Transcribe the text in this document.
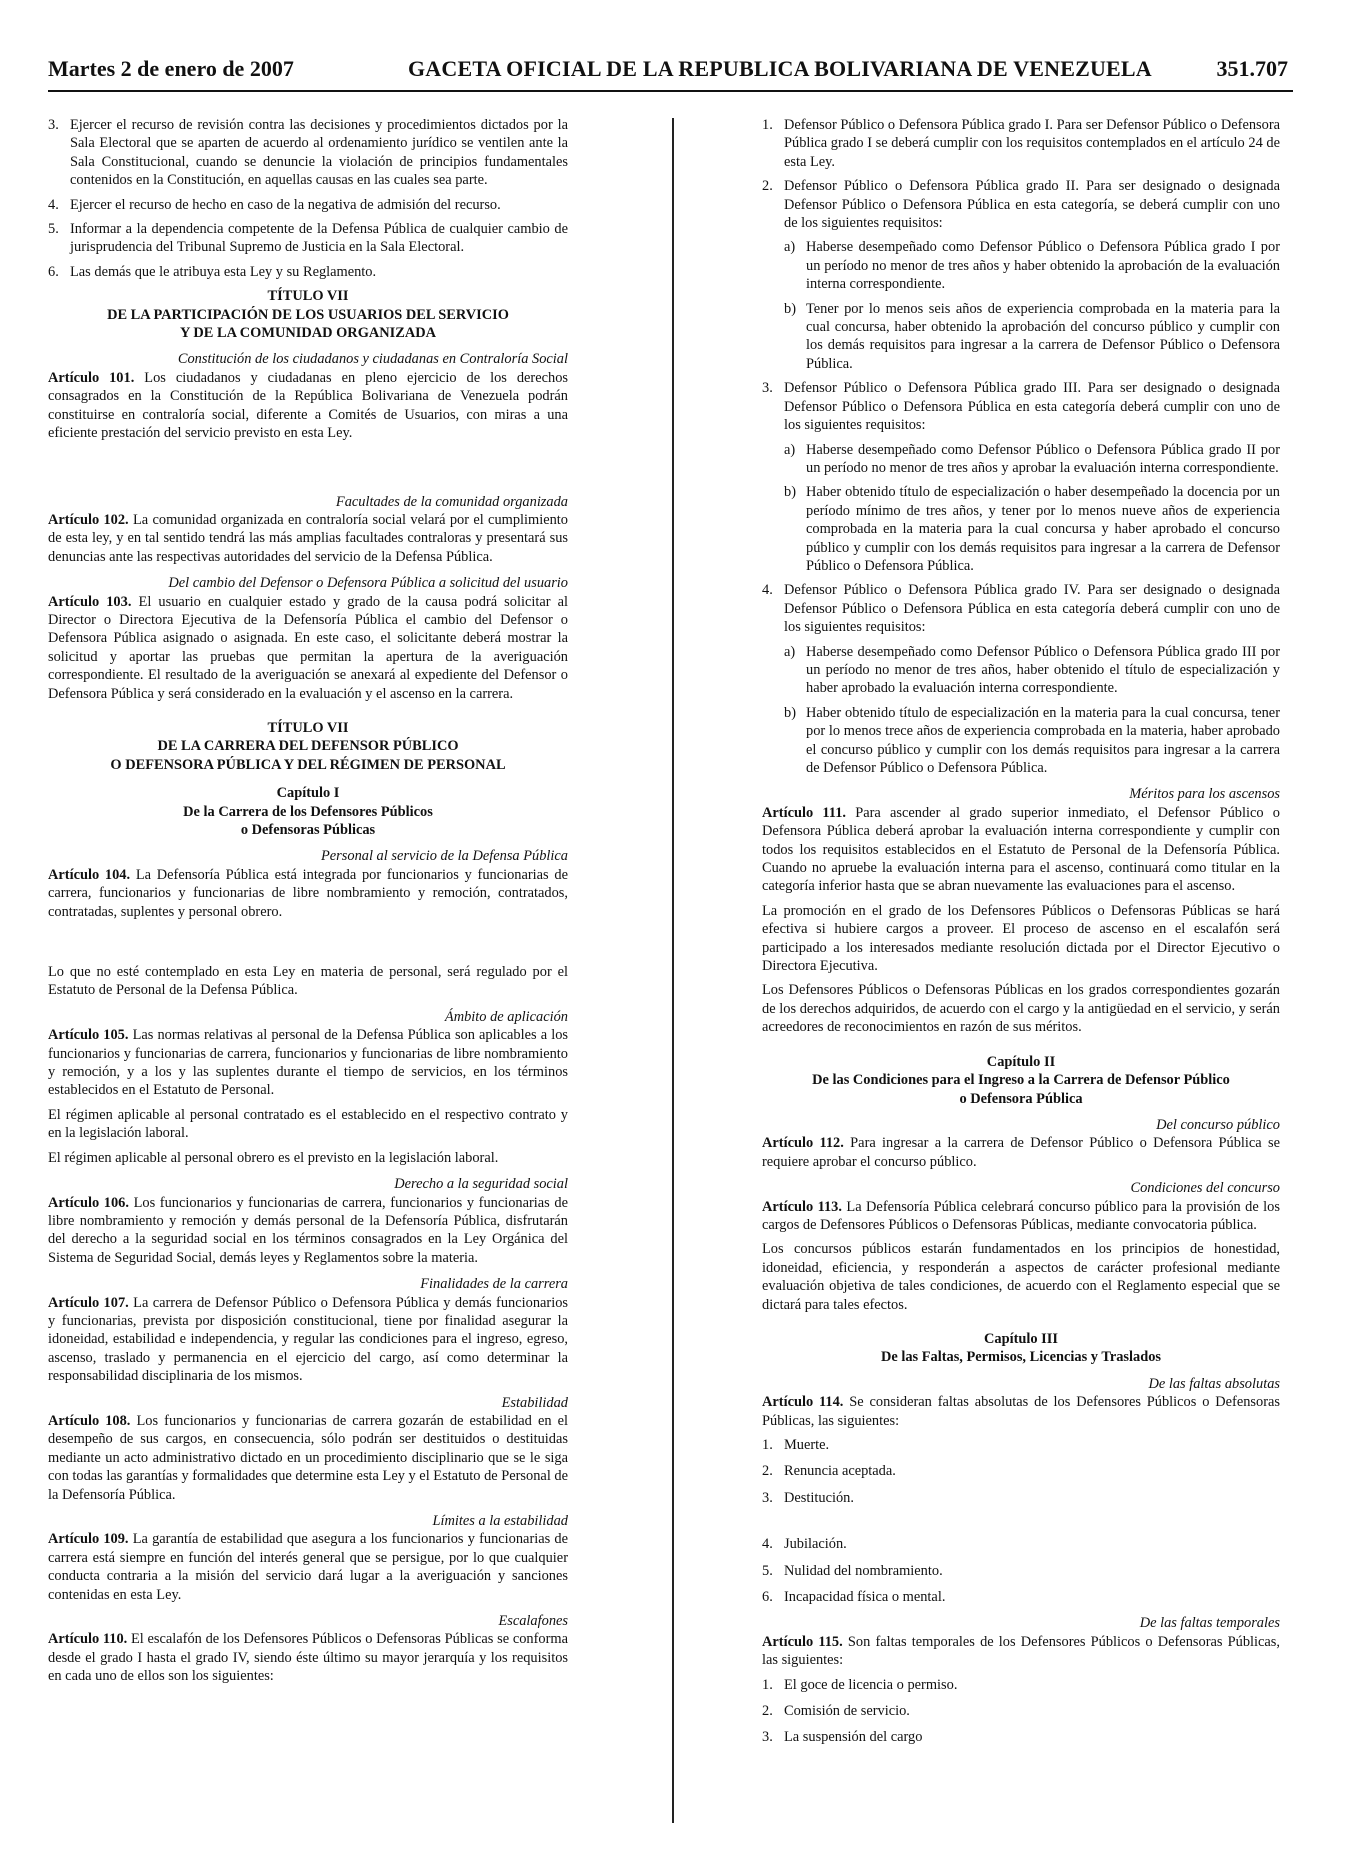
Martes 2 de enero de 2007	GACETA OFICIAL DE LA REPUBLICA BOLIVARIANA DE VENEZUELA	351.707
3. Ejercer el recurso de revisión contra las decisiones y procedimientos dictados por la Sala Electoral que se aparten de acuerdo al ordenamiento jurídico se ventilen ante la Sala Constitucional, cuando se denuncie la violación de principios fundamentales contenidos en la Constitución, en aquellas causas en las cuales sea parte.
4. Ejercer el recurso de hecho en caso de la negativa de admisión del recurso.
5. Informar a la dependencia competente de la Defensa Pública de cualquier cambio de jurisprudencia del Tribunal Supremo de Justicia en la Sala Electoral.
6. Las demás que le atribuya esta Ley y su Reglamento.

TÍTULO VII

DE LA PARTICIPACIÓN DE LOS USUARIOS DEL SERVICIO

Y DE LA COMUNIDAD ORGANIZADA

Constitución de los ciudadanos y ciudadanas en Contraloría Social

Artículo 101. Los ciudadanos y ciudadanas en pleno ejercicio de los derechos consagrados en la Constitución de la República Bolivariana de Venezuela podrán constituirse en contraloría social, diferente a Comités de Usuarios, con miras a una eficiente prestación del servicio previsto en esta Ley.

Facultades de la comunidad organizada

Artículo 102. La comunidad organizada en contraloría social velará por el cumplimiento de esta ley, y en tal sentido tendrá las más amplias facultades contraloras y presentará sus denuncias ante las respectivas autoridades del servicio de la Defensa Pública.

Del cambio del Defensor o Defensora Pública a solicitud del usuario

Artículo 103. El usuario en cualquier estado y grado de la causa podrá solicitar al Director o Directora Ejecutiva de la Defensoría Pública el cambio del Defensor o Defensora Pública asignado o asignada. En este caso, el solicitante deberá mostrar la solicitud y aportar las pruebas que permitan la apertura de la averiguación correspondiente. El resultado de la averiguación se anexará al expediente del Defensor o Defensora Pública y será considerado en la evaluación y el ascenso en la carrera.

TÍTULO VII

DE LA CARRERA DEL DEFENSOR PÚBLICO

O DEFENSORA PÚBLICA Y DEL RÉGIMEN DE PERSONAL

Capítulo I

De la Carrera de los Defensores Públicos

o Defensoras Públicas

Personal al servicio de la Defensa Pública

Artículo 104. La Defensoría Pública está integrada por funcionarios y funcionarias de carrera, funcionarios y funcionarias de libre nombramiento y remoción, contratados, contratadas, suplentes y personal obrero.

Lo que no esté contemplado en esta Ley en materia de personal, será regulado por el Estatuto de Personal de la Defensa Pública.

Ámbito de aplicación

Artículo 105. Las normas relativas al personal de la Defensa Pública son aplicables a los funcionarios y funcionarias de carrera, funcionarios y funcionarias de libre nombramiento y remoción, y a los y las suplentes durante el tiempo de servicios, en los términos establecidos en el Estatuto de Personal.

El régimen aplicable al personal contratado es el establecido en el respectivo contrato y en la legislación laboral.

El régimen aplicable al personal obrero es el previsto en la legislación laboral.

Derecho a la seguridad social

Artículo 106. Los funcionarios y funcionarias de carrera, funcionarios y funcionarias de libre nombramiento y remoción y demás personal de la Defensoría Pública, disfrutarán del derecho a la seguridad social en los términos consagrados en la Ley Orgánica del Sistema de Seguridad Social, demás leyes y Reglamentos sobre la materia.

Finalidades de la carrera

Artículo 107. La carrera de Defensor Público o Defensora Pública y demás funcionarios y funcionarias, prevista por disposición constitucional, tiene por finalidad asegurar la idoneidad, estabilidad e independencia, y regular las condiciones para el ingreso, egreso, ascenso, traslado y permanencia en el ejercicio del cargo, así como determinar la responsabilidad disciplinaria de los mismos.

Estabilidad

Artículo 108. Los funcionarios y funcionarias de carrera gozarán de estabilidad en el desempeño de sus cargos, en consecuencia, sólo podrán ser destituidos o destituidas mediante un acto administrativo dictado en un procedimiento disciplinario que se le siga con todas las garantías y formalidades que determine esta Ley y el Estatuto de Personal de la Defensoría Pública.

Límites a la estabilidad

Artículo 109. La garantía de estabilidad que asegura a los funcionarios y funcionarias de carrera está siempre en función del interés general que se persigue, por lo que cualquier conducta contraria a la misión del servicio dará lugar a la averiguación y sanciones contenidas en esta Ley.

Escalafones

Artículo 110. El escalafón de los Defensores Públicos o Defensoras Públicas se conforma desde el grado I hasta el grado IV, siendo éste último su mayor jerarquía y los requisitos en cada uno de ellos son los siguientes:

1. Defensor Público o Defensora Pública grado I. Para ser Defensor Público o Defensora Pública grado I se deberá cumplir con los requisitos contemplados en el artículo 24 de esta Ley.
2. Defensor Público o Defensora Pública grado II. Para ser designado o designada Defensor Público o Defensora Pública en esta categoría, se deberá cumplir con uno de los siguientes requisitos:
a) Haberse desempeñado como Defensor Público o Defensora Pública grado I por un período no menor de tres años y haber obtenido la aprobación de la evaluación interna correspondiente.
b) Tener por lo menos seis años de experiencia comprobada en la materia para la cual concursa, haber obtenido la aprobación del concurso público y cumplir con los demás requisitos para ingresar a la carrera de Defensor Público o Defensora Pública.
3. Defensor Público o Defensora Pública grado III. Para ser designado o designada Defensor Público o Defensora Pública en esta categoría deberá cumplir con uno de los siguientes requisitos:
a) Haberse desempeñado como Defensor Público o Defensora Pública grado II por un período no menor de tres años y aprobar la evaluación interna correspondiente.
b) Haber obtenido título de especialización o haber desempeñado la docencia por un período mínimo de tres años, y tener por lo menos nueve años de experiencia comprobada en la materia para la cual concursa y haber aprobado el concurso público y cumplir con los demás requisitos para ingresar a la carrera de Defensor Público o Defensora Pública.
4. Defensor Público o Defensora Pública grado IV. Para ser designado o designada Defensor Público o Defensora Pública en esta categoría deberá cumplir con uno de los siguientes requisitos:
a) Haberse desempeñado como Defensor Público o Defensora Pública grado III por un período no menor de tres años, haber obtenido el título de especialización y haber aprobado la evaluación interna correspondiente.
b) Haber obtenido título de especialización en la materia para la cual concursa, tener por lo menos trece años de experiencia comprobada en la materia, haber aprobado el concurso público y cumplir con los demás requisitos para ingresar a la carrera de Defensor Público o Defensora Pública.

Méritos para los ascensos

Artículo 111. Para ascender al grado superior inmediato, el Defensor Público o Defensora Pública deberá aprobar la evaluación interna correspondiente y cumplir con todos los requisitos establecidos en el Estatuto de Personal de la Defensoría Pública. Cuando no apruebe la evaluación interna para el ascenso, continuará como titular en la categoría inferior hasta que se abran nuevamente las evaluaciones para el ascenso.

La promoción en el grado de los Defensores Públicos o Defensoras Públicas se hará efectiva si hubiere cargos a proveer. El proceso de ascenso en el escalafón será participado a los interesados mediante resolución dictada por el Director Ejecutivo o Directora Ejecutiva.

Los Defensores Públicos o Defensoras Públicas en los grados correspondientes gozarán de los derechos adquiridos, de acuerdo con el cargo y la antigüedad en el servicio, y serán acreedores de reconocimientos en razón de sus méritos.

Capítulo II

De las Condiciones para el Ingreso a la Carrera de Defensor Público

o Defensora Pública

Del concurso público

Artículo 112. Para ingresar a la carrera de Defensor Público o Defensora Pública se requiere aprobar el concurso público.

Condiciones del concurso

Artículo 113. La Defensoría Pública celebrará concurso público para la provisión de los cargos de Defensores Públicos o Defensoras Públicas, mediante convocatoria pública.

Los concursos públicos estarán fundamentados en los principios de honestidad, idoneidad, eficiencia, y responderán a aspectos de carácter profesional mediante evaluación objetiva de tales condiciones, de acuerdo con el Reglamento especial que se dictará para tales efectos.

Capítulo III

De las Faltas, Permisos, Licencias y Traslados

De las faltas absolutas

Artículo 114. Se consideran faltas absolutas de los Defensores Públicos o Defensoras Públicas, las siguientes:

1. Muerte.
2. Renuncia aceptada.
3. Destitución.
4. Jubilación.
5. Nulidad del nombramiento.
6. Incapacidad física o mental.

De las faltas temporales

Artículo 115. Son faltas temporales de los Defensores Públicos o Defensoras Públicas, las siguientes:

1. El goce de licencia o permiso.
2. Comisión de servicio.
3. La suspensión del cargo
